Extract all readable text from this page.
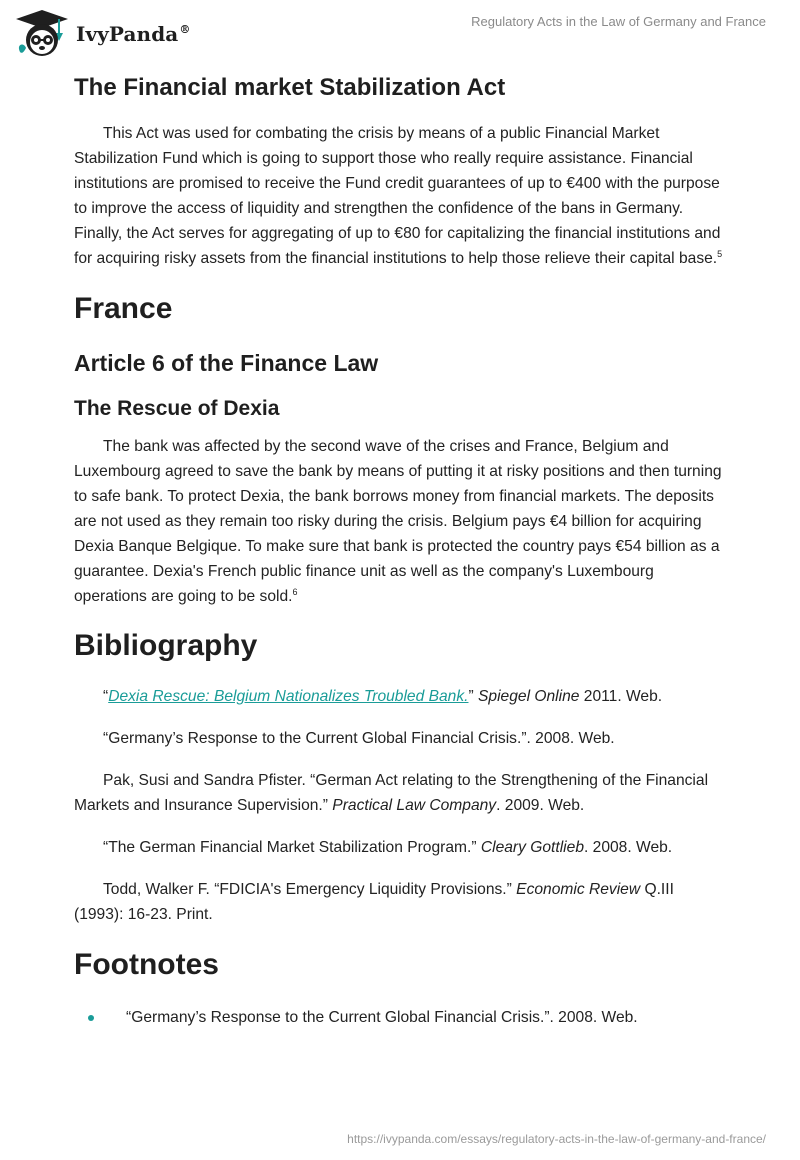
IvyPanda®
Regulatory Acts in the Law of Germany and France
The Financial market Stabilization Act

This Act was used for combating the crisis by means of a public Financial Market Stabilization Fund which is going to support those who really require assistance. Financial institutions are promised to receive the Fund credit guarantees of up to €400 with the purpose to improve the access of liquidity and strengthen the confidence of the bans in Germany. Finally, the Act serves for aggregating of up to €80 for capitalizing the financial institutions and for acquiring risky assets from the financial institutions to help those relieve their capital base.$^5$

France
Article 6 of the Finance Law
The Rescue of Dexia

The bank was affected by the second wave of the crises and France, Belgium and Luxembourg agreed to save the bank by means of putting it at risky positions and then turning to safe bank. To protect Dexia, the bank borrows money from financial markets. The deposits are not used as they remain too risky during the crisis. Belgium pays €4 billion for acquiring Dexia Banque Belgique. To make sure that bank is protected the country pays €54 billion as a guarantee. Dexia's French public finance unit as well as the company's Luxembourg operations are going to be sold.$^6$

Bibliography

“Dexia Rescue: Belgium Nationalizes Troubled Bank.” Spiegel Online 2011. Web.

“Germany’s Response to the Current Global Financial Crisis.”. 2008. Web.

Pak, Susi and Sandra Pfister. “German Act relating to the Strengthening of the Financial Markets and Insurance Supervision.” Practical Law Company. 2009. Web.

“The German Financial Market Stabilization Program.” Cleary Gottlieb. 2008. Web.

Todd, Walker F. “FDICIA's Emergency Liquidity Provisions.” Economic Review Q.III (1993): 16-23. Print.

Footnotes
“Germany’s Response to the Current Global Financial Crisis.”. 2008. Web.
https://ivypanda.com/essays/regulatory-acts-in-the-law-of-germany-and-france/
